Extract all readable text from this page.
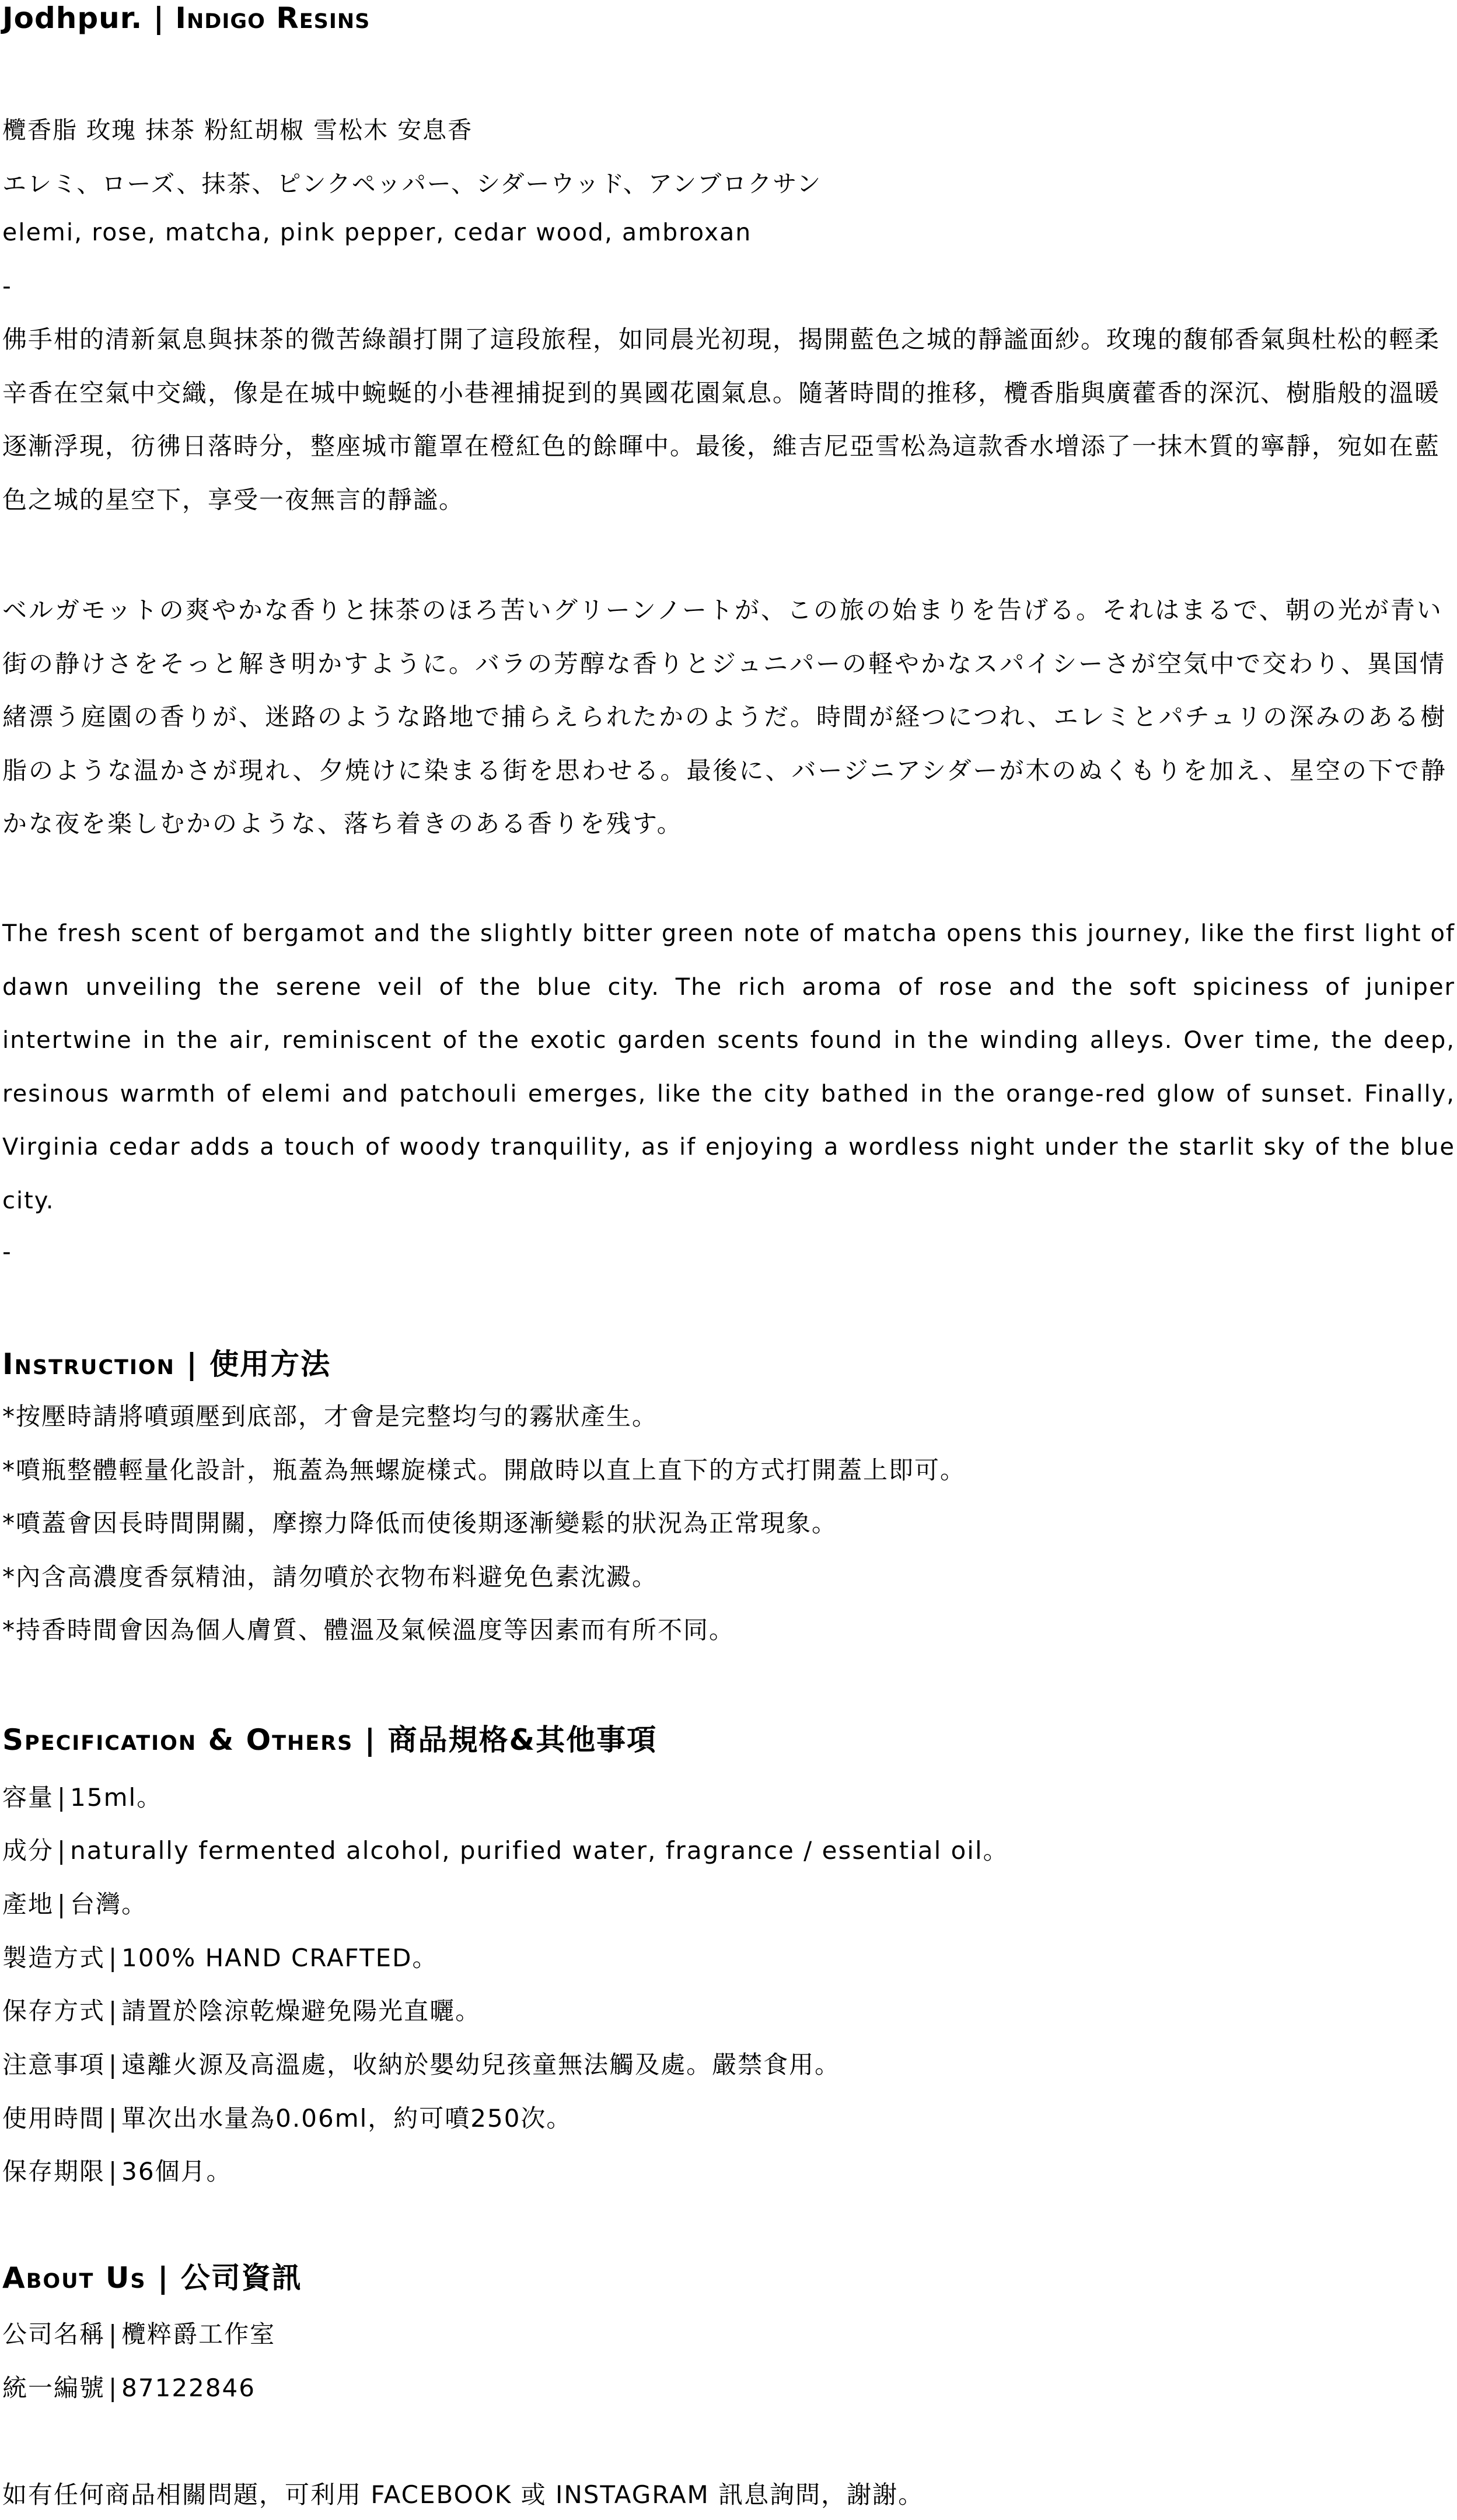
Jodhpur. | Indigo Resins
欖香脂 玫瑰 抹茶 粉紅胡椒 雪松木 安息香
エレミ、ローズ、抹茶、ピンクペッパー、シダーウッド、アンブロクサン
elemi, rose, matcha, pink pepper, cedar wood, ambroxan
-

佛手柑的清新氣息與抹茶的微苦綠韻打開了這段旅程，如同晨光初現，揭開藍色之城的靜謐面紗。玫瑰的馥郁香氣與杜松的輕柔辛香在空氣中交織，像是在城中蜿蜒的小巷裡捕捉到的異國花園氣息。隨著時間的推移，欖香脂與廣藿香的深沉、樹脂般的溫暖逐漸浮現，彷彿日落時分，整座城市籠罩在橙紅色的餘暉中。最後，維吉尼亞雪松為這款香水增添了一抹木質的寧靜，宛如在藍色之城的星空下，享受一夜無言的靜謐。

ベルガモットの爽やかな香りと抹茶のほろ苦いグリーンノートが、この旅の始まりを告げる。それはまるで、朝の光が青い街の静けさをそっと解き明かすように。バラの芳醇な香りとジュニパーの軽やかなスパイシーさが空気中で交わり、異国情緒漂う庭園の香りが、迷路のような路地で捕らえられたかのようだ。時間が経つにつれ、エレミとパチュリの深みのある樹脂のような温かさが現れ、夕焼けに染まる街を思わせる。最後に、バージニアシダーが木のぬくもりを加え、星空の下で静かな夜を楽しむかのような、落ち着きのある香りを残す。

The fresh scent of bergamot and the slightly bitter green note of matcha opens this journey, like the first light of dawn unveiling the serene veil of the blue city. The rich aroma of rose and the soft spiciness of juniper intertwine in the air, reminiscent of the exotic garden scents found in the winding alleys. Over time, the deep, resinous warmth of elemi and patchouli emerges, like the city bathed in the orange-red glow of sunset. Finally, Virginia cedar adds a touch of woody tranquility, as if enjoying a wordless night under the starlit sky of the blue city.

-
Instruction | 使用方法
*按壓時請將噴頭壓到底部，才會是完整均勻的霧狀產生。
*噴瓶整體輕量化設計，瓶蓋為無螺旋樣式。開啟時以直上直下的方式打開蓋上即可。
*噴蓋會因長時間開關，摩擦力降低而使後期逐漸變鬆的狀況為正常現象。
*內含高濃度香氛精油，請勿噴於衣物布料避免色素沈澱。
*持香時間會因為個人膚質、體溫及氣候溫度等因素而有所不同。
Specification & Others | 商品規格&其他事項
容量 | 15ml。
成分 | naturally fermented alcohol, purified water, fragrance / essential oil。
產地 | 台灣。
製造方式 | 100% HAND CRAFTED。
保存方式 | 請置於陰涼乾燥避免陽光直曬。
注意事項 | 遠離火源及高溫處，收納於嬰幼兒孩童無法觸及處。嚴禁食用。
使用時間 | 單次出水量為0.06ml，約可噴250次。
保存期限 | 36個月。
About Us | 公司資訊
公司名稱 | 欖粹爵工作室
統一編號 | 87122846
如有任何商品相關問題，可利用 FACEBOOK 或 INSTAGRAM 訊息詢問，謝謝。
